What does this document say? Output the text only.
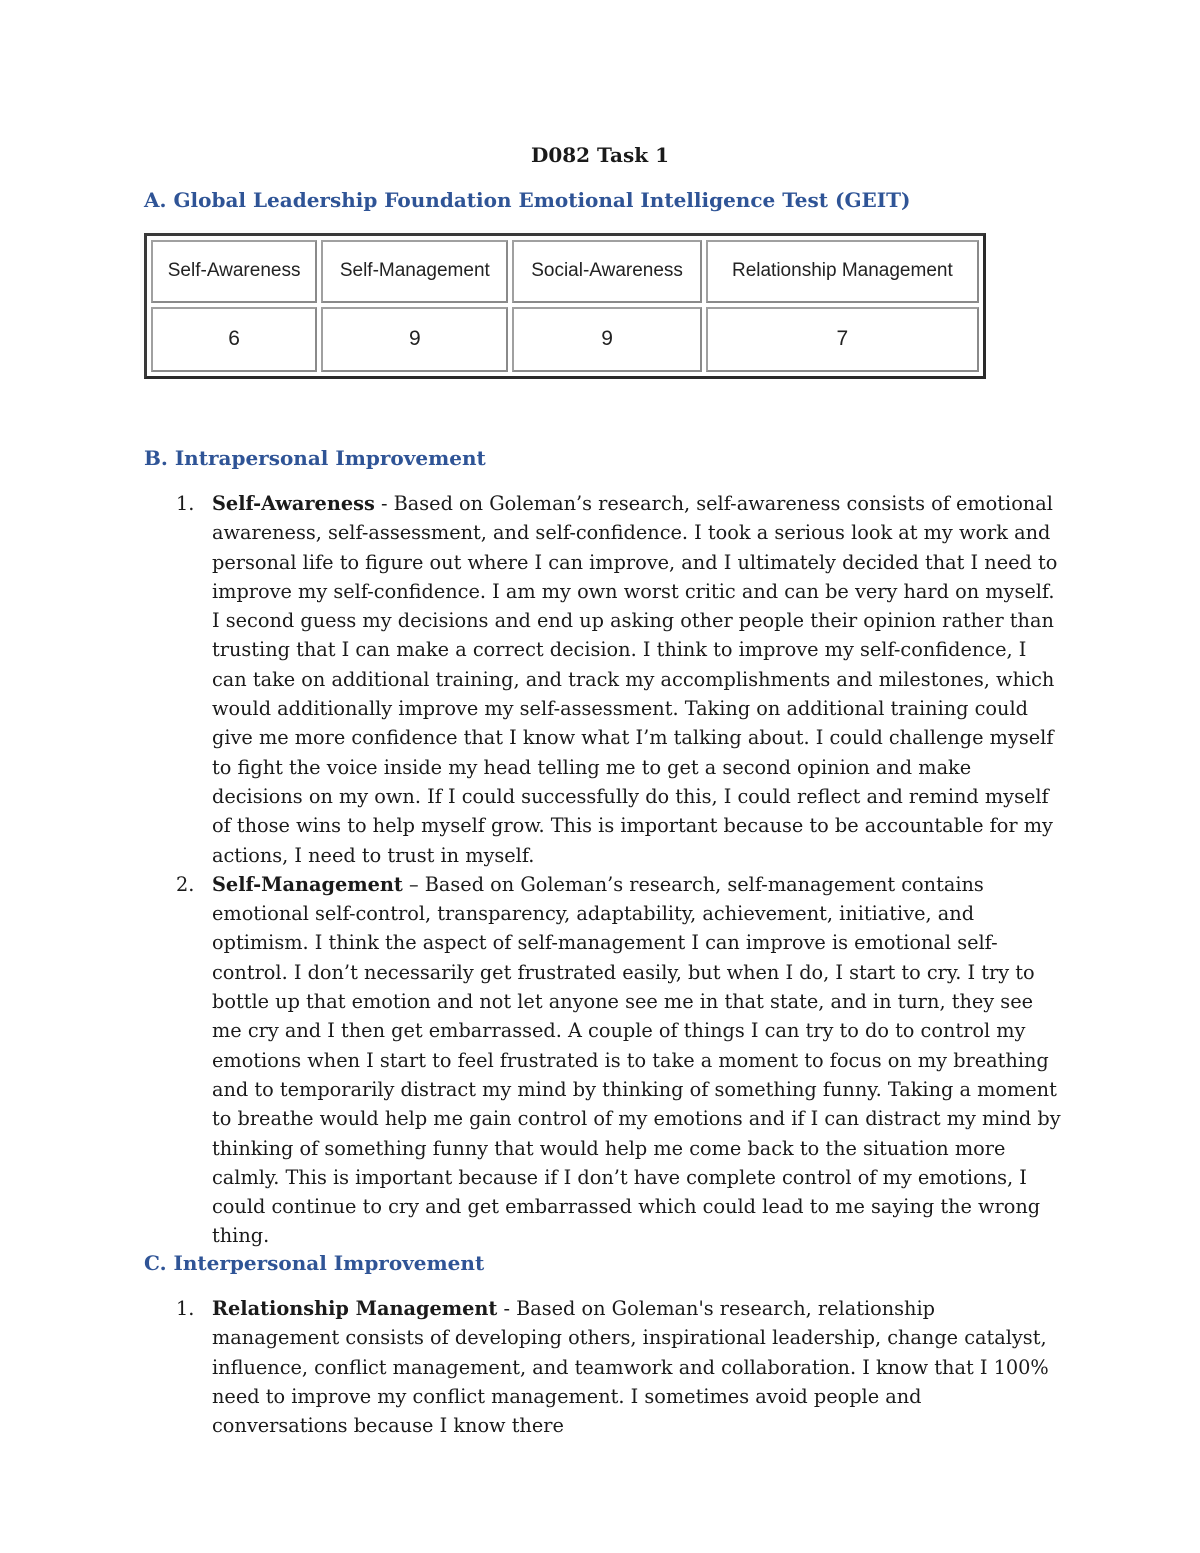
D082 Task 1
A. Global Leadership Foundation Emotional Intelligence Test (GEIT)
Self-Awareness	Self-Management	Social-Awareness	Relationship Management
6	9	9	7
B. Intrapersonal Improvement
1. Self-Awareness - Based on Goleman’s research, self-awareness consists of emotional awareness, self-assessment, and self-confidence. I took a serious look at my work and personal life to figure out where I can improve, and I ultimately decided that I need to improve my self-confidence. I am my own worst critic and can be very hard on myself. I second guess my decisions and end up asking other people their opinion rather than trusting that I can make a correct decision. I think to improve my self-confidence, I can take on additional training, and track my accomplishments and milestones, which would additionally improve my self-assessment. Taking on additional training could give me more confidence that I know what I’m talking about. I could challenge myself to fight the voice inside my head telling me to get a second opinion and make decisions on my own. If I could successfully do this, I could reflect and remind myself of those wins to help myself grow. This is important because to be accountable for my actions, I need to trust in myself.
2. Self-Management – Based on Goleman’s research, self-management contains emotional self-control, transparency, adaptability, achievement, initiative, and optimism. I think the aspect of self-management I can improve is emotional self-control. I don’t necessarily get frustrated easily, but when I do, I start to cry. I try to bottle up that emotion and not let anyone see me in that state, and in turn, they see me cry and I then get embarrassed. A couple of things I can try to do to control my emotions when I start to feel frustrated is to take a moment to focus on my breathing and to temporarily distract my mind by thinking of something funny. Taking a moment to breathe would help me gain control of my emotions and if I can distract my mind by thinking of something funny that would help me come back to the situation more calmly. This is important because if I don’t have complete control of my emotions, I could continue to cry and get embarrassed which could lead to me saying the wrong thing.
C. Interpersonal Improvement
1. Relationship Management - Based on Goleman's research, relationship management consists of developing others, inspirational leadership, change catalyst, influence, conflict management, and teamwork and collaboration. I know that I 100% need to improve my conflict management. I sometimes avoid people and conversations because I know there
